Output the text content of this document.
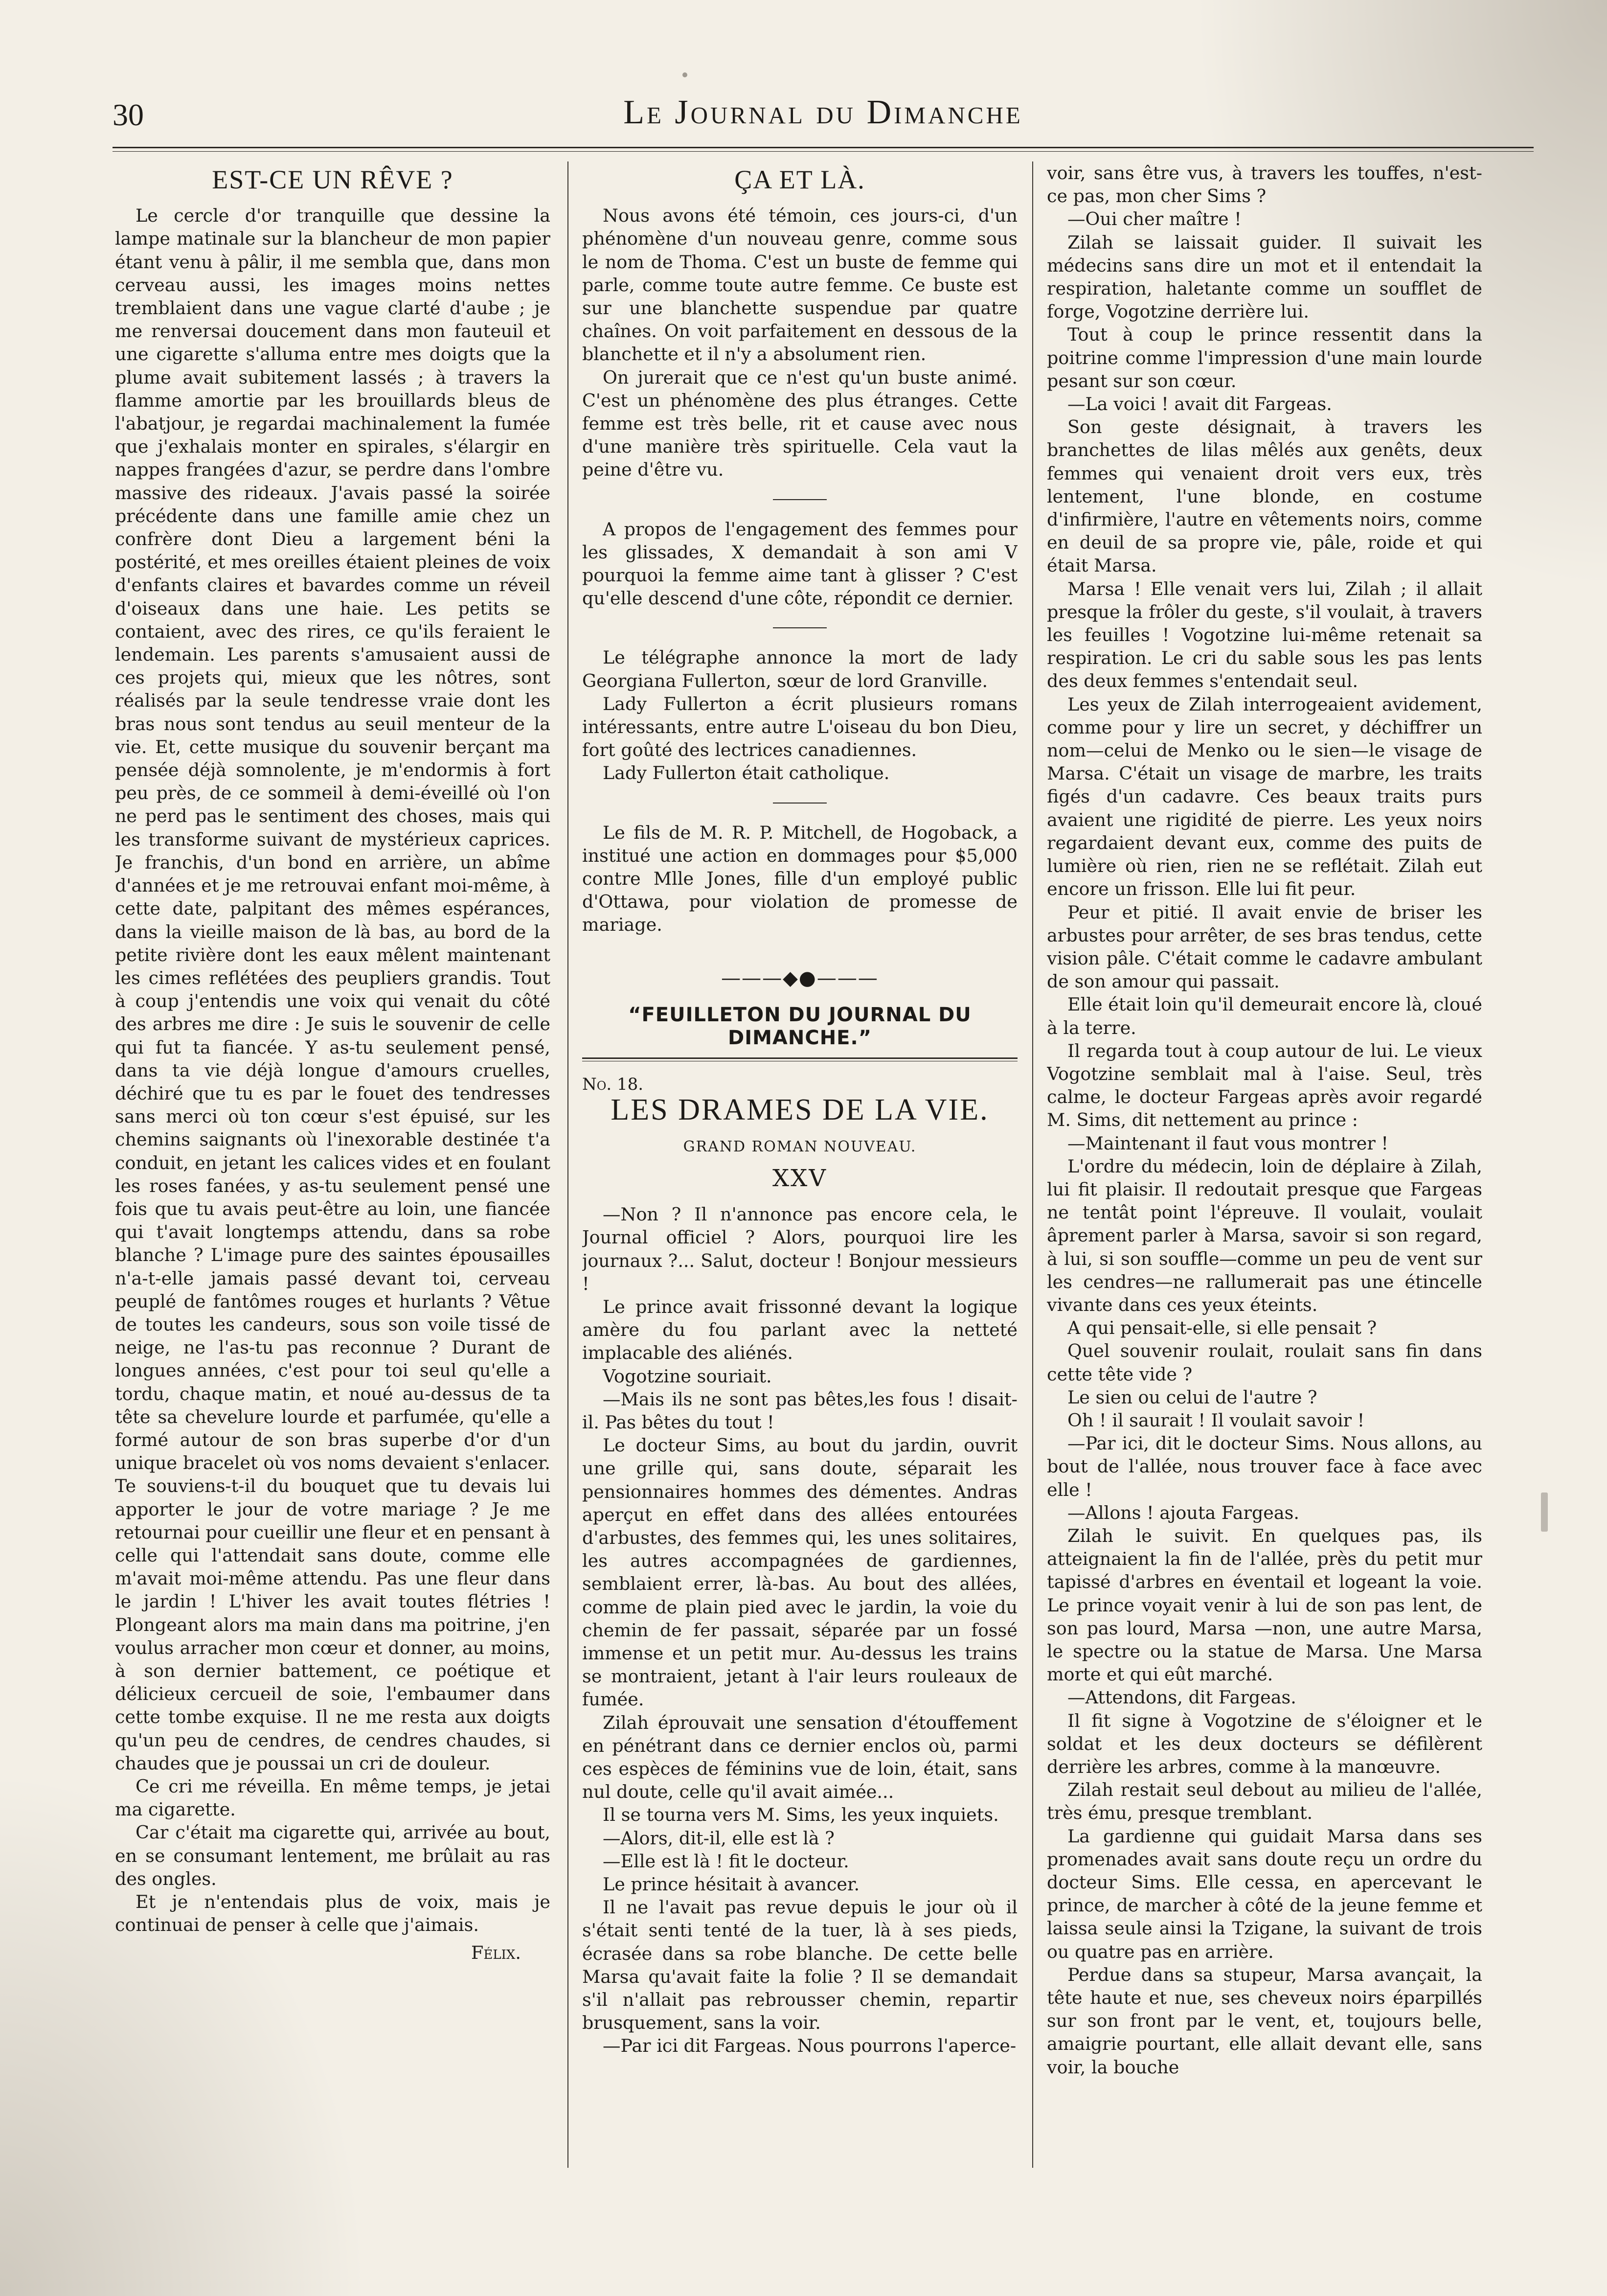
30	Le Journal du Dimanche
EST-CE UN RÊVE ?

Le cercle d'or tranquille que dessine la lampe matinale sur la blancheur de mon papier étant venu à pâlir, il me sembla que, dans mon cerveau aussi, les images moins nettes tremblaient dans une vague clarté d'aube ; je me renversai doucement dans mon fauteuil et une cigarette s'alluma entre mes doigts que la plume avait subitement lassés ; à travers la flamme amortie par les brouillards bleus de l'abatjour, je regardai machinalement la fumée que j'exhalais monter en spirales, s'élargir en nappes frangées d'azur, se perdre dans l'ombre massive des rideaux. J'avais passé la soirée précédente dans une famille amie chez un confrère dont Dieu a largement béni la postérité, et mes oreilles étaient pleines de voix d'enfants claires et bavardes comme un réveil d'oiseaux dans une haie. Les petits se contaient, avec des rires, ce qu'ils feraient le lendemain. Les parents s'amusaient aussi de ces projets qui, mieux que les nôtres, sont réalisés par la seule tendresse vraie dont les bras nous sont tendus au seuil menteur de la vie. Et, cette musique du souvenir berçant ma pensée déjà somnolente, je m'endormis à fort peu près, de ce sommeil à demi-éveillé où l'on ne perd pas le sentiment des choses, mais qui les transforme suivant de mystérieux caprices. Je franchis, d'un bond en arrière, un abîme d'années et je me retrouvai enfant moi-même, à cette date, palpitant des mêmes espérances, dans la vieille maison de là bas, au bord de la petite rivière dont les eaux mêlent maintenant les cimes reflétées des peupliers grandis. Tout à coup j'entendis une voix qui venait du côté des arbres me dire : Je suis le souvenir de celle qui fut ta fiancée. Y as-tu seulement pensé, dans ta vie déjà longue d'amours cruelles, déchiré que tu es par le fouet des tendresses sans merci où ton cœur s'est épuisé, sur les chemins saignants où l'inexorable destinée t'a conduit, en jetant les calices vides et en foulant les roses fanées, y as-tu seulement pensé une fois que tu avais peut-être au loin, une fiancée qui t'avait longtemps attendu, dans sa robe blanche ? L'image pure des saintes épousailles n'a-t-elle jamais passé devant toi, cerveau peuplé de fantômes rouges et hurlants ? Vêtue de toutes les candeurs, sous son voile tissé de neige, ne l'as-tu pas reconnue ? Durant de longues années, c'est pour toi seul qu'elle a tordu, chaque matin, et noué au-dessus de ta tête sa chevelure lourde et parfumée, qu'elle a formé autour de son bras superbe d'or d'un unique bracelet où vos noms devaient s'enlacer. Te souviens-t-il du bouquet que tu devais lui apporter le jour de votre mariage ? Je me retournai pour cueillir une fleur et en pensant à celle qui l'attendait sans doute, comme elle m'avait moi-même attendu. Pas une fleur dans le jardin ! L'hiver les avait toutes flétries ! Plongeant alors ma main dans ma poitrine, j'en voulus arracher mon cœur et donner, au moins, à son dernier battement, ce poétique et délicieux cercueil de soie, l'embaumer dans cette tombe exquise. Il ne me resta aux doigts qu'un peu de cendres, de cendres chaudes, si chaudes que je poussai un cri de douleur.

Ce cri me réveilla. En même temps, je jetai ma cigarette.

Car c'était ma cigarette qui, arrivée au bout, en se consumant lentement, me brûlait au ras des ongles.

Et je n'entendais plus de voix, mais je continuai de penser à celle que j'aimais.

Félix.
ÇA ET LÀ.

Nous avons été témoin, ces jours-ci, d'un phénomène d'un nouveau genre, comme sous le nom de Thoma. C'est un buste de femme qui parle, comme toute autre femme. Ce buste est sur une blanchette suspendue par quatre chaînes. On voit parfaitement en dessous de la blanchette et il n'y a absolument rien.

On jurerait que ce n'est qu'un buste animé. C'est un phénomène des plus étranges. Cette femme est très belle, rit et cause avec nous d'une manière très spirituelle. Cela vaut la peine d'être vu.

A propos de l'engagement des femmes pour les glissades, X demandait à son ami V pourquoi la femme aime tant à glisser ? C'est qu'elle descend d'une côte, répondit ce dernier.

Le télégraphe annonce la mort de lady Georgiana Fullerton, sœur de lord Granville.

Lady Fullerton a écrit plusieurs romans intéressants, entre autre L'oiseau du bon Dieu, fort goûté des lectrices canadiennes.

Lady Fullerton était catholique.

Le fils de M. R. P. Mitchell, de Hogoback, a institué une action en dommages pour $5,000 contre Mlle Jones, fille d'un employé public d'Ottawa, pour violation de promesse de mariage.

———◆●———
“FEUILLETON DU JOURNAL DU DIMANCHE.”
No. 18.
LES DRAMES DE LA VIE.
GRAND ROMAN NOUVEAU.
XXV

—Non ? Il n'annonce pas encore cela, le Journal officiel ? Alors, pourquoi lire les journaux ?... Salut, docteur ! Bonjour messieurs !

Le prince avait frissonné devant la logique amère du fou parlant avec la netteté implacable des aliénés.

Vogotzine souriait.

—Mais ils ne sont pas bêtes,les fous ! disait-il. Pas bêtes du tout !

Le docteur Sims, au bout du jardin, ouvrit une grille qui, sans doute, séparait les pensionnaires hommes des démentes. Andras aperçut en effet dans des allées entourées d'arbustes, des femmes qui, les unes solitaires, les autres accompagnées de gardiennes, semblaient errer, là-bas. Au bout des allées, comme de plain pied avec le jardin, la voie du chemin de fer passait, séparée par un fossé immense et un petit mur. Au-dessus les trains se montraient, jetant à l'air leurs rouleaux de fumée.

Zilah éprouvait une sensation d'étouffement en pénétrant dans ce dernier enclos où, parmi ces espèces de féminins vue de loin, était, sans nul doute, celle qu'il avait aimée...

Il se tourna vers M. Sims, les yeux inquiets.

—Alors, dit-il, elle est là ?

—Elle est là ! fit le docteur.

Le prince hésitait à avancer.

Il ne l'avait pas revue depuis le jour où il s'était senti tenté de la tuer, là à ses pieds, écrasée dans sa robe blanche. De cette belle Marsa qu'avait faite la folie ? Il se demandait s'il n'allait pas rebrousser chemin, repartir brusquement, sans la voir.

—Par ici dit Fargeas. Nous pourrons l'aperce-

voir, sans être vus, à travers les touffes, n'est-ce pas, mon cher Sims ?

—Oui cher maître !

Zilah se laissait guider. Il suivait les médecins sans dire un mot et il entendait la respiration, haletante comme un soufflet de forge, Vogotzine derrière lui.

Tout à coup le prince ressentit dans la poitrine comme l'impression d'une main lourde pesant sur son cœur.

—La voici ! avait dit Fargeas.

Son geste désignait, à travers les branchettes de lilas mêlés aux genêts, deux femmes qui venaient droit vers eux, très lentement, l'une blonde, en costume d'infirmière, l'autre en vêtements noirs, comme en deuil de sa propre vie, pâle, roide et qui était Marsa.

Marsa ! Elle venait vers lui, Zilah ; il allait presque la frôler du geste, s'il voulait, à travers les feuilles ! Vogotzine lui-même retenait sa respiration. Le cri du sable sous les pas lents des deux femmes s'entendait seul.

Les yeux de Zilah interrogeaient avidement, comme pour y lire un secret, y déchiffrer un nom—celui de Menko ou le sien—le visage de Marsa. C'était un visage de marbre, les traits figés d'un cadavre. Ces beaux traits purs avaient une rigidité de pierre. Les yeux noirs regardaient devant eux, comme des puits de lumière où rien, rien ne se reflétait. Zilah eut encore un frisson. Elle lui fit peur.

Peur et pitié. Il avait envie de briser les arbustes pour arrêter, de ses bras tendus, cette vision pâle. C'était comme le cadavre ambulant de son amour qui passait.

Elle était loin qu'il demeurait encore là, cloué à la terre.

Il regarda tout à coup autour de lui. Le vieux Vogotzine semblait mal à l'aise. Seul, très calme, le docteur Fargeas après avoir regardé M. Sims, dit nettement au prince :

—Maintenant il faut vous montrer !

L'ordre du médecin, loin de déplaire à Zilah, lui fit plaisir. Il redoutait presque que Fargeas ne tentât point l'épreuve. Il voulait, voulait âprement parler à Marsa, savoir si son regard, à lui, si son souffle—comme un peu de vent sur les cendres—ne rallumerait pas une étincelle vivante dans ces yeux éteints.

A qui pensait-elle, si elle pensait ?

Quel souvenir roulait, roulait sans fin dans cette tête vide ?

Le sien ou celui de l'autre ?

Oh ! il saurait ! Il voulait savoir !

—Par ici, dit le docteur Sims. Nous allons, au bout de l'allée, nous trouver face à face avec elle !

—Allons ! ajouta Fargeas.

Zilah le suivit. En quelques pas, ils atteignaient la fin de l'allée, près du petit mur tapissé d'arbres en éventail et logeant la voie. Le prince voyait venir à lui de son pas lent, de son pas lourd, Marsa —non, une autre Marsa, le spectre ou la statue de Marsa. Une Marsa morte et qui eût marché.

—Attendons, dit Fargeas.

Il fit signe à Vogotzine de s'éloigner et le soldat et les deux docteurs se défilèrent derrière les arbres, comme à la manœuvre.

Zilah restait seul debout au milieu de l'allée, très ému, presque tremblant.

La gardienne qui guidait Marsa dans ses promenades avait sans doute reçu un ordre du docteur Sims. Elle cessa, en apercevant le prince, de marcher à côté de la jeune femme et laissa seule ainsi la Tzigane, la suivant de trois ou quatre pas en arrière.

Perdue dans sa stupeur, Marsa avançait, la tête haute et nue, ses cheveux noirs éparpillés sur son front par le vent, et, toujours belle, amaigrie pourtant, elle allait devant elle, sans voir, la bouche
